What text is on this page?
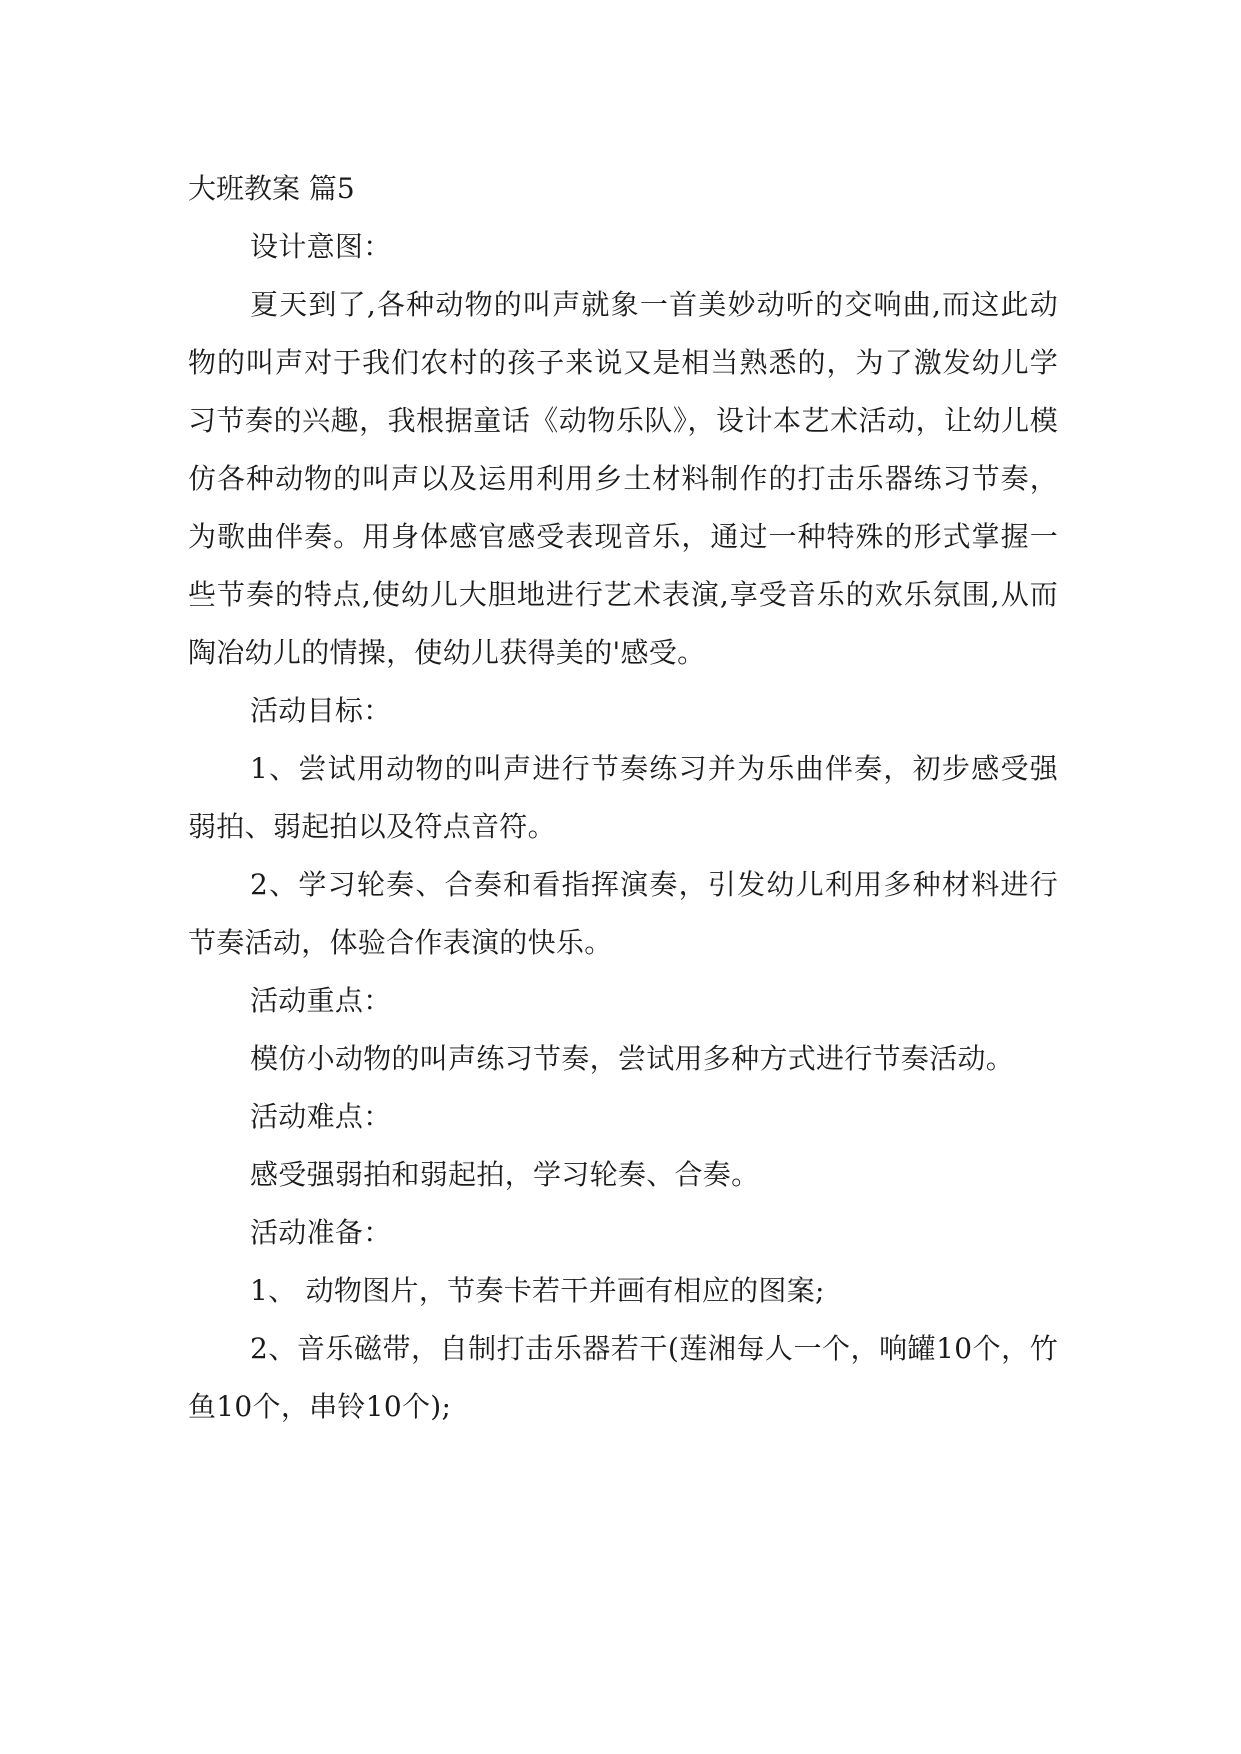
大班教案 篇5

设计意图：

夏天到了,各种动物的叫声就象一首美妙动听的交响曲,而这此动物的叫声对于我们农村的孩子来说又是相当熟悉的，为了激发幼儿学习节奏的兴趣，我根据童话《动物乐队》，设计本艺术活动，让幼儿模仿各种动物的叫声以及运用利用乡土材料制作的打击乐器练习节奏，为歌曲伴奏。用身体感官感受表现音乐，通过一种特殊的形式掌握一些节奏的特点,使幼儿大胆地进行艺术表演,享受音乐的欢乐氛围,从而陶冶幼儿的情操，使幼儿获得美的'感受。

活动目标：

1、尝试用动物的叫声进行节奏练习并为乐曲伴奏，初步感受强弱拍、弱起拍以及符点音符。

2、学习轮奏、合奏和看指挥演奏，引发幼儿利用多种材料进行节奏活动，体验合作表演的快乐。

活动重点：

模仿小动物的叫声练习节奏，尝试用多种方式进行节奏活动。

活动难点：

感受强弱拍和弱起拍，学习轮奏、合奏。

活动准备：

1、 动物图片，节奏卡若干并画有相应的图案;

2、音乐磁带，自制打击乐器若干(莲湘每人一个，响罐10个，竹鱼10个，串铃10个);
